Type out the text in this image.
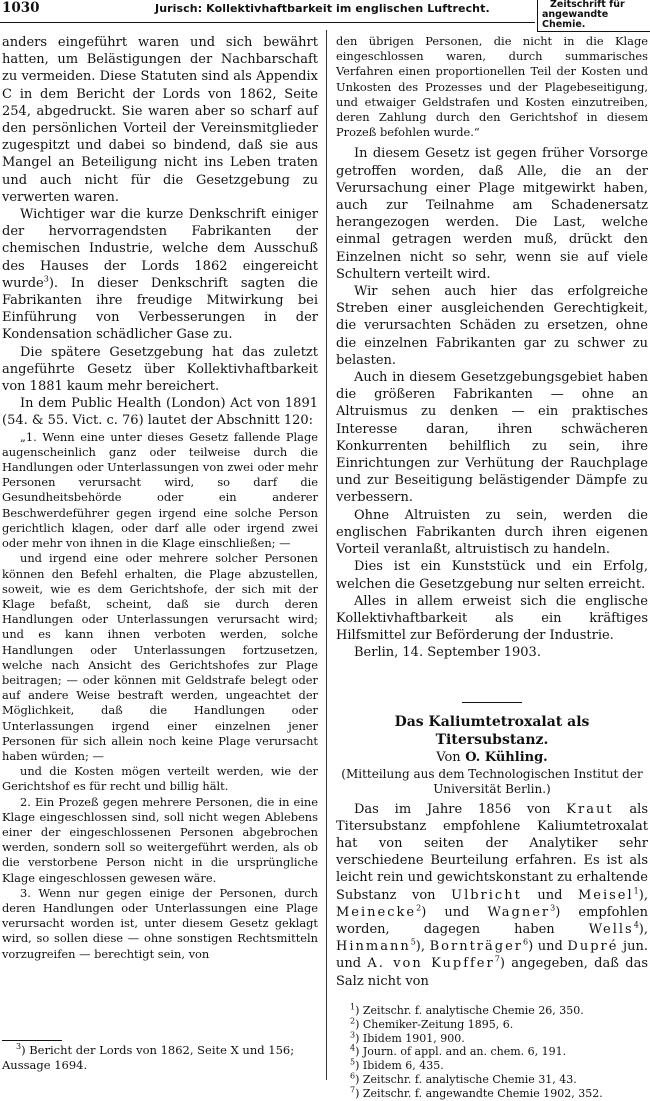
1030	Jurisch: Kollektivhaftbarkeit im englischen Luftrecht.	Zeitschrift für
angewandte Chemie.

anders eingeführt waren und sich bewährt hatten, um Belästigungen der Nachbarschaft zu vermeiden. Diese Statuten sind als Appendix C in dem Bericht der Lords von 1862, Seite 254, abgedruckt. Sie waren aber so scharf auf den persönlichen Vorteil der Vereinsmitglieder zugespitzt und dabei so bindend, daß sie aus Mangel an Beteiligung nicht ins Leben traten und auch nicht für die Gesetzgebung zu verwerten waren.

Wichtiger war die kurze Denkschrift einiger der hervorragendsten Fabrikanten der chemischen Industrie, welche dem Ausschuß des Hauses der Lords 1862 eingereicht wurde$^3$). In dieser Denkschrift sagten die Fabrikanten ihre freudige Mitwirkung bei Einführung von Verbesserungen in der Kondensation schädlicher Gase zu.

Die spätere Gesetzgebung hat das zuletzt angeführte Gesetz über Kollektivhaftbarkeit von 1881 kaum mehr bereichert.

In dem Public Health (London) Act von 1891 (54. & 55. Vict. c. 76) lautet der Abschnitt 120:

„1. Wenn eine unter dieses Gesetz fallende Plage augenscheinlich ganz oder teilweise durch die Handlungen oder Unterlassungen von zwei oder mehr Personen verursacht wird, so darf die Gesundheitsbehörde oder ein anderer Beschwerdeführer gegen irgend eine solche Person gerichtlich klagen, oder darf alle oder irgend zwei oder mehr von ihnen in die Klage einschließen; —

und irgend eine oder mehrere solcher Personen können den Befehl erhalten, die Plage abzustellen, soweit, wie es dem Gerichtshofe, der sich mit der Klage befaßt, scheint, daß sie durch deren Handlungen oder Unterlassungen verursacht wird; und es kann ihnen verboten werden, solche Handlungen oder Unterlassungen fortzusetzen, welche nach Ansicht des Gerichtshofes zur Plage beitragen; — oder können mit Geldstrafe belegt oder auf andere Weise bestraft werden, ungeachtet der Möglichkeit, daß die Handlungen oder Unterlassungen irgend einer einzelnen jener Personen für sich allein noch keine Plage verursacht haben würden; —

und die Kosten mögen verteilt werden, wie der Gerichtshof es für recht und billig hält.

2. Ein Prozeß gegen mehrere Personen, die in eine Klage eingeschlossen sind, soll nicht wegen Ablebens einer der eingeschlossenen Personen abgebrochen werden, sondern soll so weitergeführt werden, als ob die verstorbene Person nicht in die ursprüngliche Klage eingeschlossen gewesen wäre.

3. Wenn nur gegen einige der Personen, durch deren Handlungen oder Unterlassungen eine Plage verursacht worden ist, unter diesem Gesetz geklagt wird, so sollen diese — ohne sonstigen Rechtsmitteln vorzugreifen — berechtigt sein, von

$^3$) Bericht der Lords von 1862, Seite X und 156; Aussage 1694.

den übrigen Personen, die nicht in die Klage eingeschlossen waren, durch summarisches Verfahren einen proportionellen Teil der Kosten und Unkosten des Prozesses und der Plagebeseitigung, und etwaiger Geldstrafen und Kosten einzutreiben, deren Zahlung durch den Gerichtshof in diesem Prozeß befohlen wurde.“

In diesem Gesetz ist gegen früher Vorsorge getroffen worden, daß Alle, die an der Verursachung einer Plage mitgewirkt haben, auch zur Teilnahme am Schadenersatz herangezogen werden. Die Last, welche einmal getragen werden muß, drückt den Einzelnen nicht so sehr, wenn sie auf viele Schultern verteilt wird.

Wir sehen auch hier das erfolgreiche Streben einer ausgleichenden Gerechtigkeit, die verursachten Schäden zu ersetzen, ohne die einzelnen Fabrikanten gar zu schwer zu belasten.

Auch in diesem Gesetzgebungsgebiet haben die größeren Fabrikanten — ohne an Altruismus zu denken — ein praktisches Interesse daran, ihren schwächeren Konkurrenten behilflich zu sein, ihre Einrichtungen zur Verhütung der Rauchplage und zur Beseitigung belästigender Dämpfe zu verbessern.

Ohne Altruisten zu sein, werden die englischen Fabrikanten durch ihren eigenen Vorteil veranlaßt, altruistisch zu handeln.

Dies ist ein Kunststück und ein Erfolg, welchen die Gesetzgebung nur selten erreicht.

Alles in allem erweist sich die englische Kollektivhaftbarkeit als ein kräftiges Hilfsmittel zur Beförderung der Industrie.

Berlin, 14. September 1903.

Das Kaliumtetroxalat als Titersubstanz.
Von O. Kühling.
(Mitteilung aus dem Technologischen Institut der Universität Berlin.)

Das im Jahre 1856 von Kraut als Titersubstanz empfohlene Kaliumtetroxalat hat von seiten der Analytiker sehr verschiedene Beurteilung erfahren. Es ist als leicht rein und gewichtskonstant zu erhaltende Substanz von Ulbricht und Meisel$^1$), Meinecke$^2$) und Wagner$^3$) empfohlen worden, dagegen haben	Wells$^4$), Hinmann$^5$), Bornträger$^6$) und Dupré jun. und A. von Kupffer$^7$) angegeben, daß das Salz nicht von

$^1$) Zeitschr. f. analytische Chemie 26, 350.
$^2$) Chemiker-Zeitung 1895, 6.
$^3$) Ibidem 1901, 900.
$^4$) Journ. of appl. and an. chem. 6, 191.
$^5$) Ibidem 6, 435.
$^6$) Zeitschr. f. analytische Chemie 31, 43.
$^7$) Zeitschr. f. angewandte Chemie 1902, 352.
